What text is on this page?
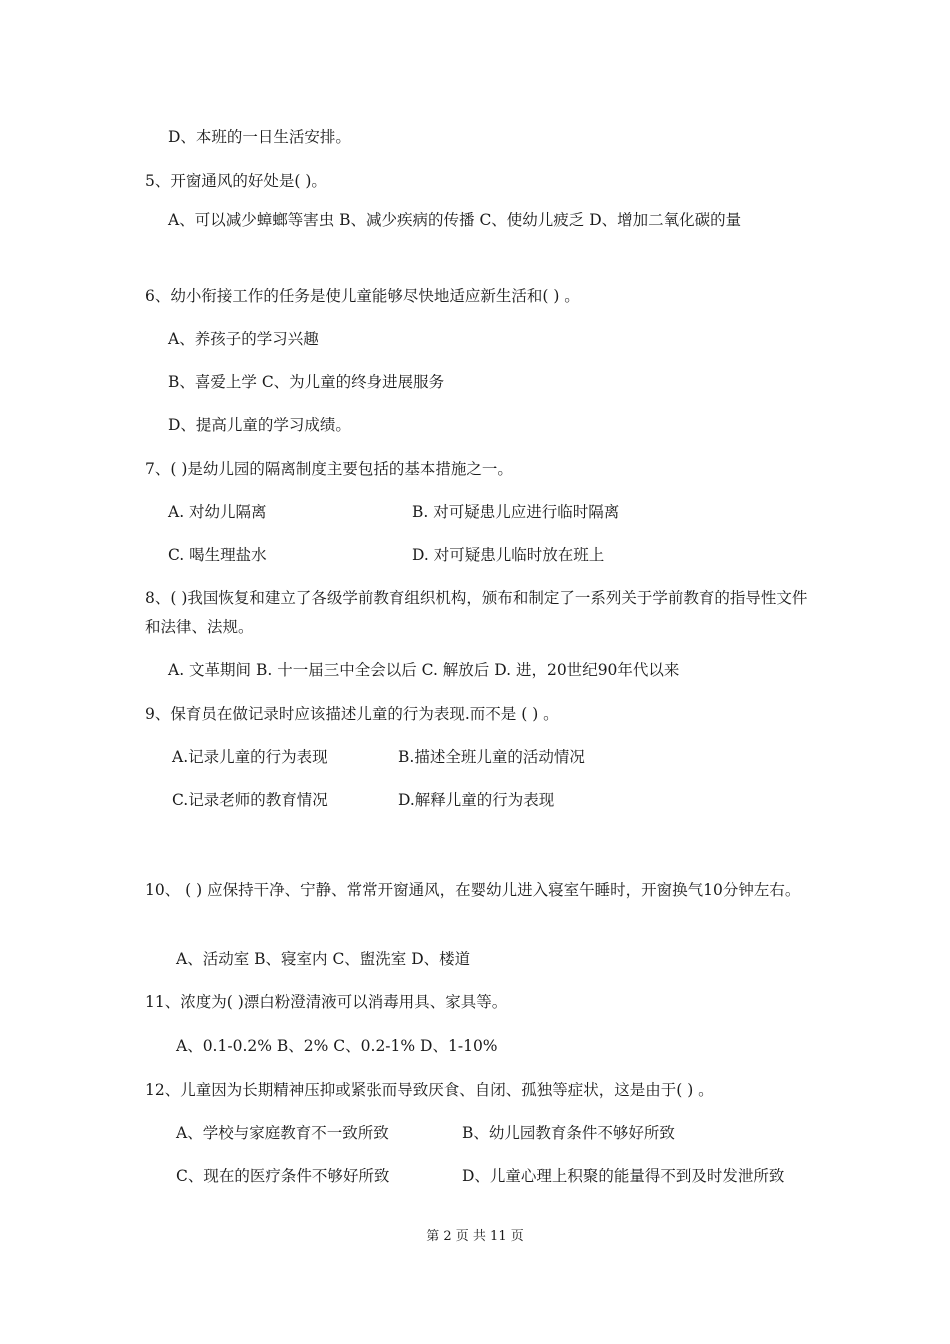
D、本班的一日生活安排。

5、开窗通风的好处是( )。

A、可以减少蟑螂等害虫 B、减少疾病的传播 C、使幼儿疲乏 D、增加二氧化碳的量

6、幼小衔接工作的任务是使儿童能够尽快地适应新生活和( ) 。

A、养孩子的学习兴趣

B、喜爱上学 C、为儿童的终身进展服务

D、提高儿童的学习成绩。

7、( )是幼儿园的隔离制度主要包括的基本措施之一。

A. 对幼儿隔离	B. 对可疑患儿应进行临时隔离
C. 喝生理盐水	D. 对可疑患儿临时放在班上

8、( )我国恢复和建立了各级学前教育组织机构，颁布和制定了一系列关于学前教育的指导性文件和法律、法规。

A. 文革期间 B. 十一届三中全会以后 C. 解放后 D. 进，20世纪90年代以来

9、保育员在做记录时应该描述儿童的行为表现.而不是 ( ) 。

A.记录儿童的行为表现	B.描述全班儿童的活动情况
C.记录老师的教育情况	D.解释儿童的行为表现

10、 ( ) 应保持干净、宁静、常常开窗通风，在婴幼儿进入寝室午睡时，开窗换气10分钟左右。

A、活动室 B、寝室内 C、盥洗室 D、楼道

11、浓度为( )漂白粉澄清液可以消毒用具、家具等。

A、0.1-0.2% B、2% C、0.2-1% D、1-10%

12、儿童因为长期精神压抑或紧张而导致厌食、自闭、孤独等症状，这是由于( ) 。

A、学校与家庭教育不一致所致	B、幼儿园教育条件不够好所致
C、现在的医疗条件不够好所致	D、儿童心理上积聚的能量得不到及时发泄所致
第 2 页 共 11 页
